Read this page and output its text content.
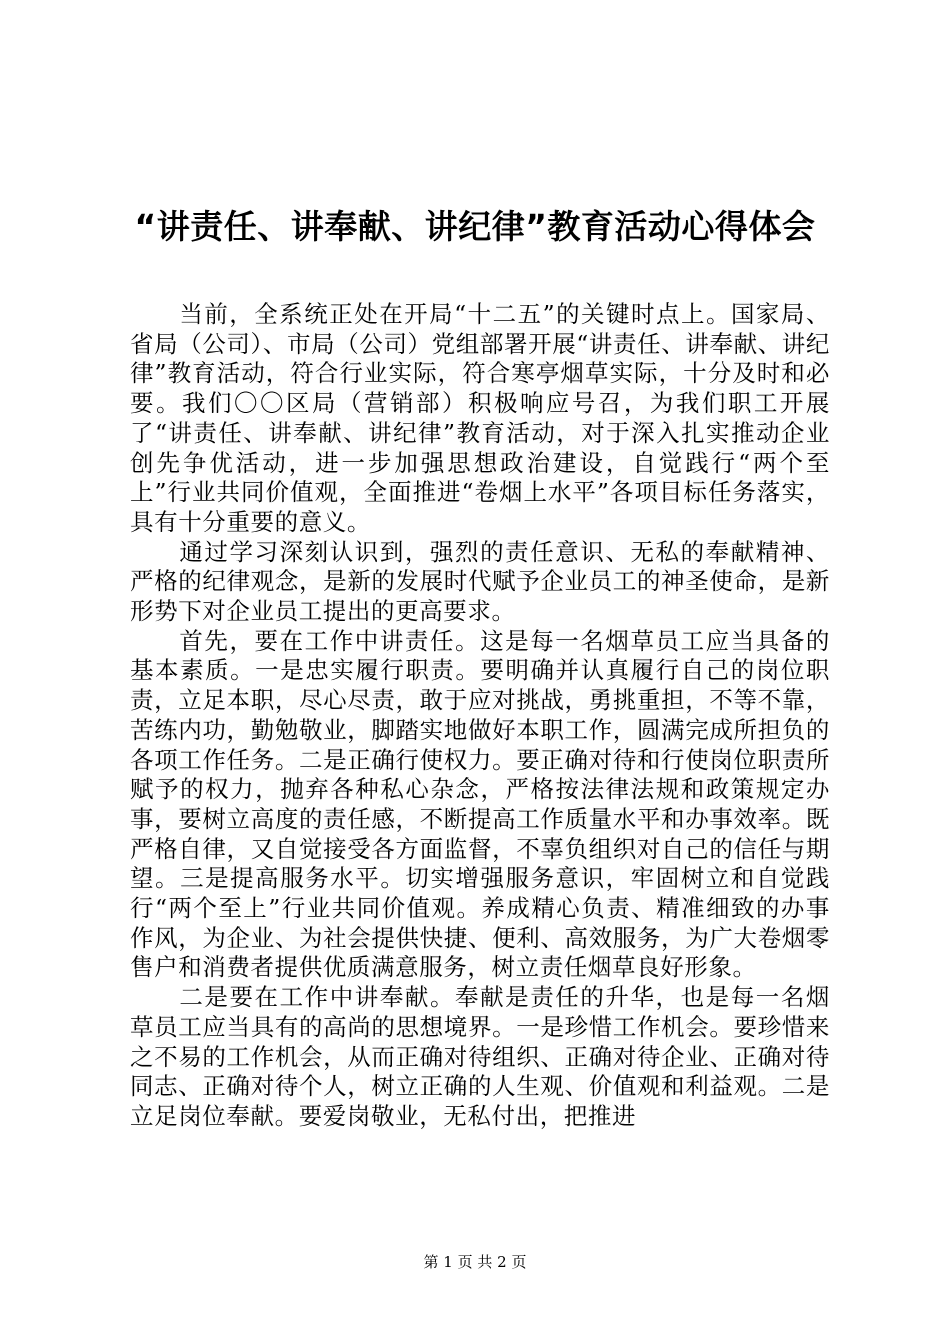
“讲责任、讲奉献、讲纪律”教育活动心得体会

当前，全系统正处在开局“十二五”的关键时点上。国家局、省局（公司）、市局（公司）党组部署开展“讲责任、讲奉献、讲纪律”教育活动，符合行业实际，符合寒亭烟草实际，十分及时和必要。我们〇〇区局（营销部）积极响应号召，为我们职工开展了“讲责任、讲奉献、讲纪律”教育活动，对于深入扎实推动企业创先争优活动，进一步加强思想政治建设，自觉践行“两个至上”行业共同价值观，全面推进“卷烟上水平”各项目标任务落实，具有十分重要的意义。

通过学习深刻认识到，强烈的责任意识、无私的奉献精神、严格的纪律观念，是新的发展时代赋予企业员工的神圣使命，是新形势下对企业员工提出的更高要求。

首先，要在工作中讲责任。这是每一名烟草员工应当具备的基本素质。一是忠实履行职责。要明确并认真履行自己的岗位职责，立足本职，尽心尽责，敢于应对挑战，勇挑重担，不等不靠，苦练内功，勤勉敬业，脚踏实地做好本职工作，圆满完成所担负的各项工作任务。二是正确行使权力。要正确对待和行使岗位职责所赋予的权力，抛弃各种私心杂念，严格按法律法规和政策规定办事，要树立高度的责任感，不断提高工作质量水平和办事效率。既严格自律，又自觉接受各方面监督，不辜负组织对自己的信任与期望。三是提高服务水平。切实增强服务意识，牢固树立和自觉践行“两个至上”行业共同价值观。养成精心负责、精准细致的办事作风，为企业、为社会提供快捷、便利、高效服务，为广大卷烟零售户和消费者提供优质满意服务，树立责任烟草良好形象。

二是要在工作中讲奉献。奉献是责任的升华，也是每一名烟草员工应当具有的高尚的思想境界。一是珍惜工作机会。要珍惜来之不易的工作机会，从而正确对待组织、正确对待企业、正确对待同志、正确对待个人，树立正确的人生观、价值观和利益观。二是立足岗位奉献。要爱岗敬业，无私付出，把推进

第 1 页 共 2 页
